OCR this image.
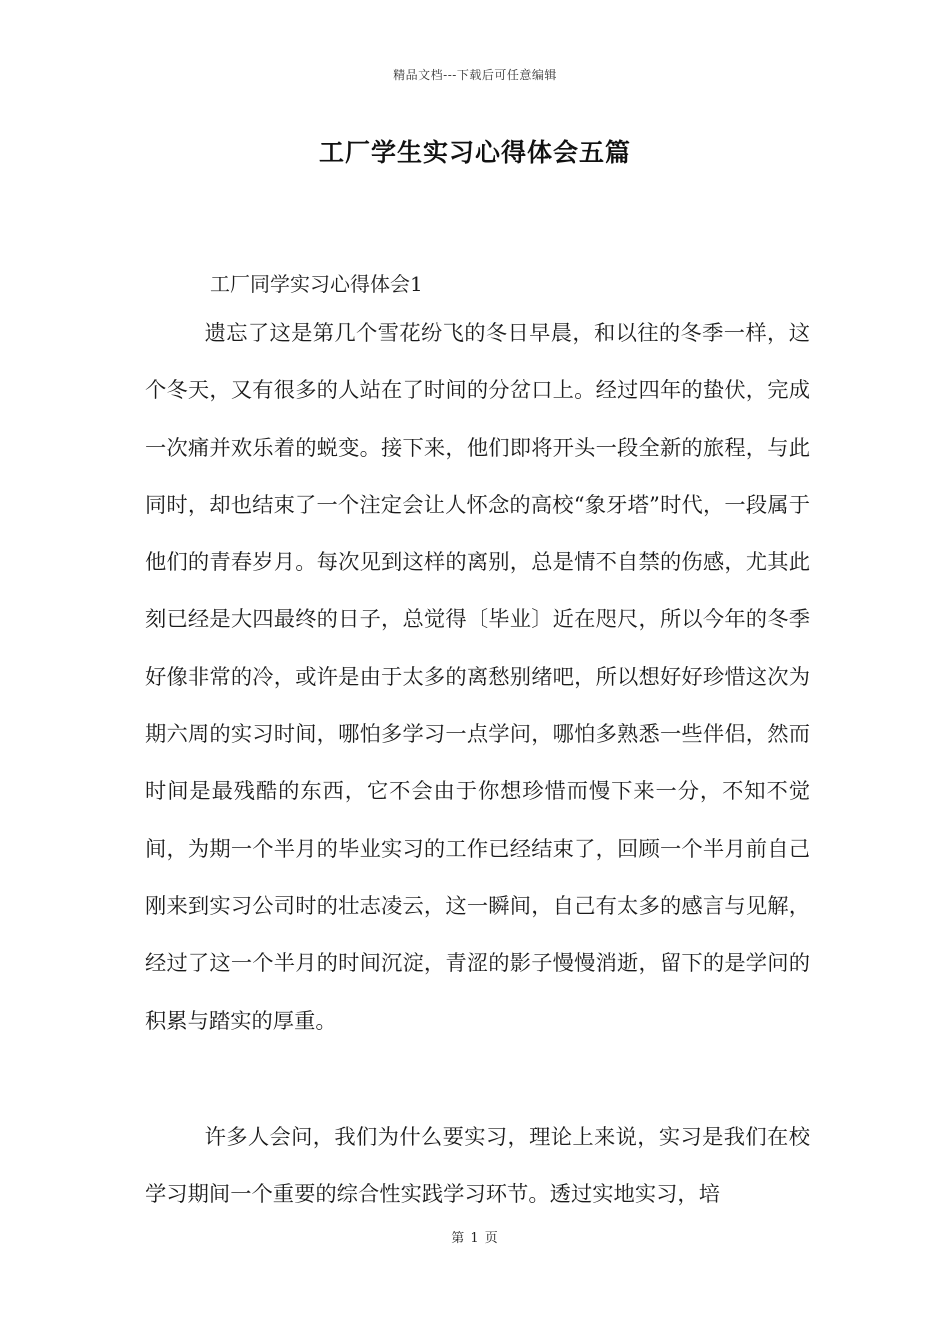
精品文档---下载后可任意编辑
工厂学生实习心得体会五篇
工厂同学实习心得体会1

遗忘了这是第几个雪花纷飞的冬日早晨，和以往的冬季一样，这个冬天，又有很多的人站在了时间的分岔口上。经过四年的蛰伏，完成一次痛并欢乐着的蜕变。接下来，他们即将开头一段全新的旅程，与此同时，却也结束了一个注定会让人怀念的高校“象牙塔”时代，一段属于他们的青春岁月。每次见到这样的离别，总是情不自禁的伤感，尤其此刻已经是大四最终的日子，总觉得〔毕业〕近在咫尺，所以今年的冬季好像非常的冷，或许是由于太多的离愁别绪吧，所以想好好珍惜这次为期六周的实习时间，哪怕多学习一点学问，哪怕多熟悉一些伴侣，然而时间是最残酷的东西，它不会由于你想珍惜而慢下来一分，不知不觉间，为期一个半月的毕业实习的工作已经结束了，回顾一个半月前自己刚来到实习公司时的壮志凌云，这一瞬间，自己有太多的感言与见解，经过了这一个半月的时间沉淀，青涩的影子慢慢消逝，留下的是学问的积累与踏实的厚重。

许多人会问，我们为什么要实习，理论上来说，实习是我们在校学习期间一个重要的综合性实践学习环节。透过实地实习，培

第 1 页
